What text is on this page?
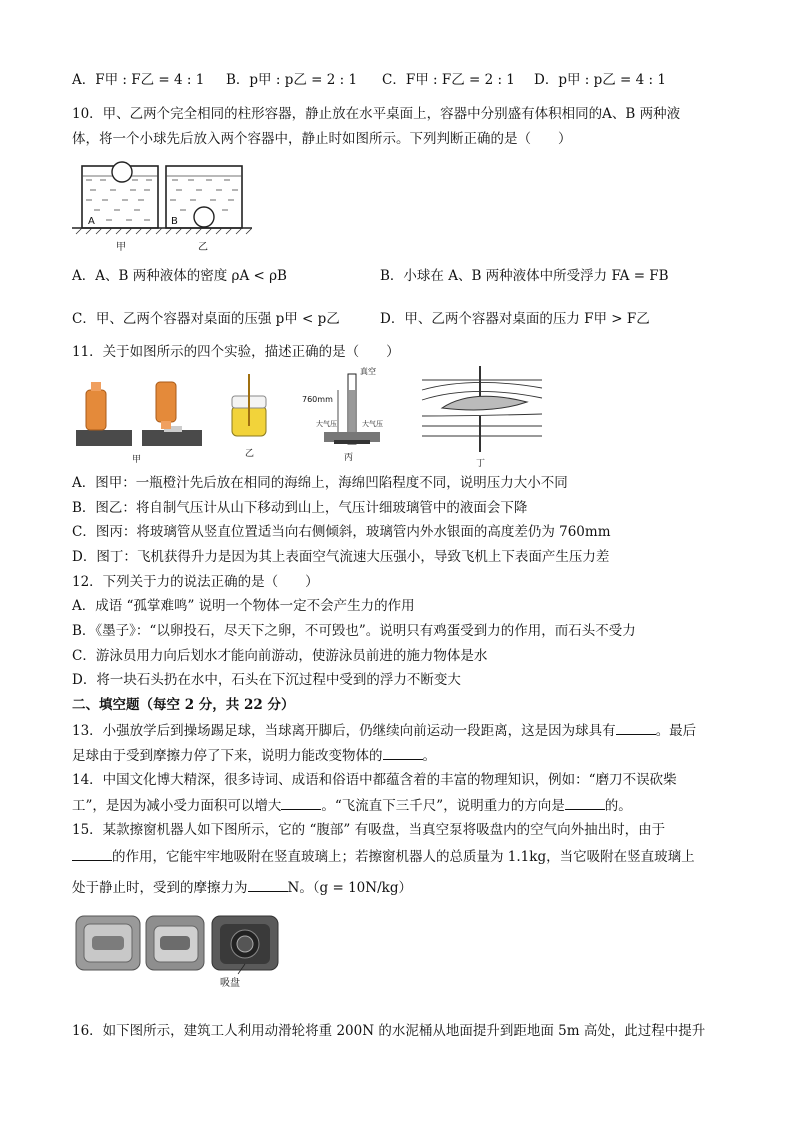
A．F甲 : F乙 = 4 : 1 B．p甲 : p乙 = 2 : 1 C．F甲 : F乙 = 2 : 1 D．p甲 : p乙 = 4 : 1
10．甲、乙两个完全相同的柱形容器，静止放在水平桌面上，容器中分别盛有体积相同的A、B 两种液
体，将一个小球先后放入两个容器中，静止时如图所示。下列判断正确的是（　　）
A	B
甲	乙
A．A、B 两种液体的密度 ρA < ρB	B．小球在 A、B 两种液体中所受浮力 FA = FB
C．甲、乙两个容器对桌面的压强 p甲 < p乙	D．甲、乙两个容器对桌面的压力 F甲 > F乙
11．关于如图所示的四个实验，描述正确的是（　　）
甲
乙
真空
760mm
大气压	大气压
丙
丁
A．图甲：一瓶橙汁先后放在相同的海绵上，海绵凹陷程度不同，说明压力大小不同
B．图乙：将自制气压计从山下移动到山上，气压计细玻璃管中的液面会下降
C．图丙：将玻璃管从竖直位置适当向右侧倾斜，玻璃管内外水银面的高度差仍为 760mm
D．图丁：飞机获得升力是因为其上表面空气流速大压强小，导致飞机上下表面产生压力差
12．下列关于力的说法正确的是（　　）
A．成语 “孤掌难鸣” 说明一个物体一定不会产生力的作用
B．《墨子》：“以卵投石，尽天下之卵，不可毁也”。说明只有鸡蛋受到力的作用，而石头不受力
C．游泳员用力向后划水才能向前游动，使游泳员前进的施力物体是水
D．将一块石头扔在水中，石头在下沉过程中受到的浮力不断变大
二、填空题（每空 2 分，共 22 分）
13．小强放学后到操场踢足球，当球离开脚后，仍继续向前运动一段距离，这是因为球具有	。最后
足球由于受到摩擦力停了下来，说明力能改变物体的	。
14．中国文化博大精深，很多诗词、成语和俗语中都蕴含着的丰富的物理知识，例如：“磨刀不误砍柴
工”，是因为减小受力面积可以增大	。“飞流直下三千尺”，说明重力的方向是	的。
15．某款擦窗机器人如下图所示，它的 “腹部” 有吸盘，当真空泵将吸盘内的空气向外抽出时，由于
的作用，它能牢牢地吸附在竖直玻璃上；若擦窗机器人的总质量为 1.1kg，当它吸附在竖直玻璃上
处于静止时，受到的摩擦力为	N。（g = 10N/kg）
吸盘
16．如下图所示，建筑工人利用动滑轮将重 200N 的水泥桶从地面提升到距地面 5m 高处，此过程中提升
